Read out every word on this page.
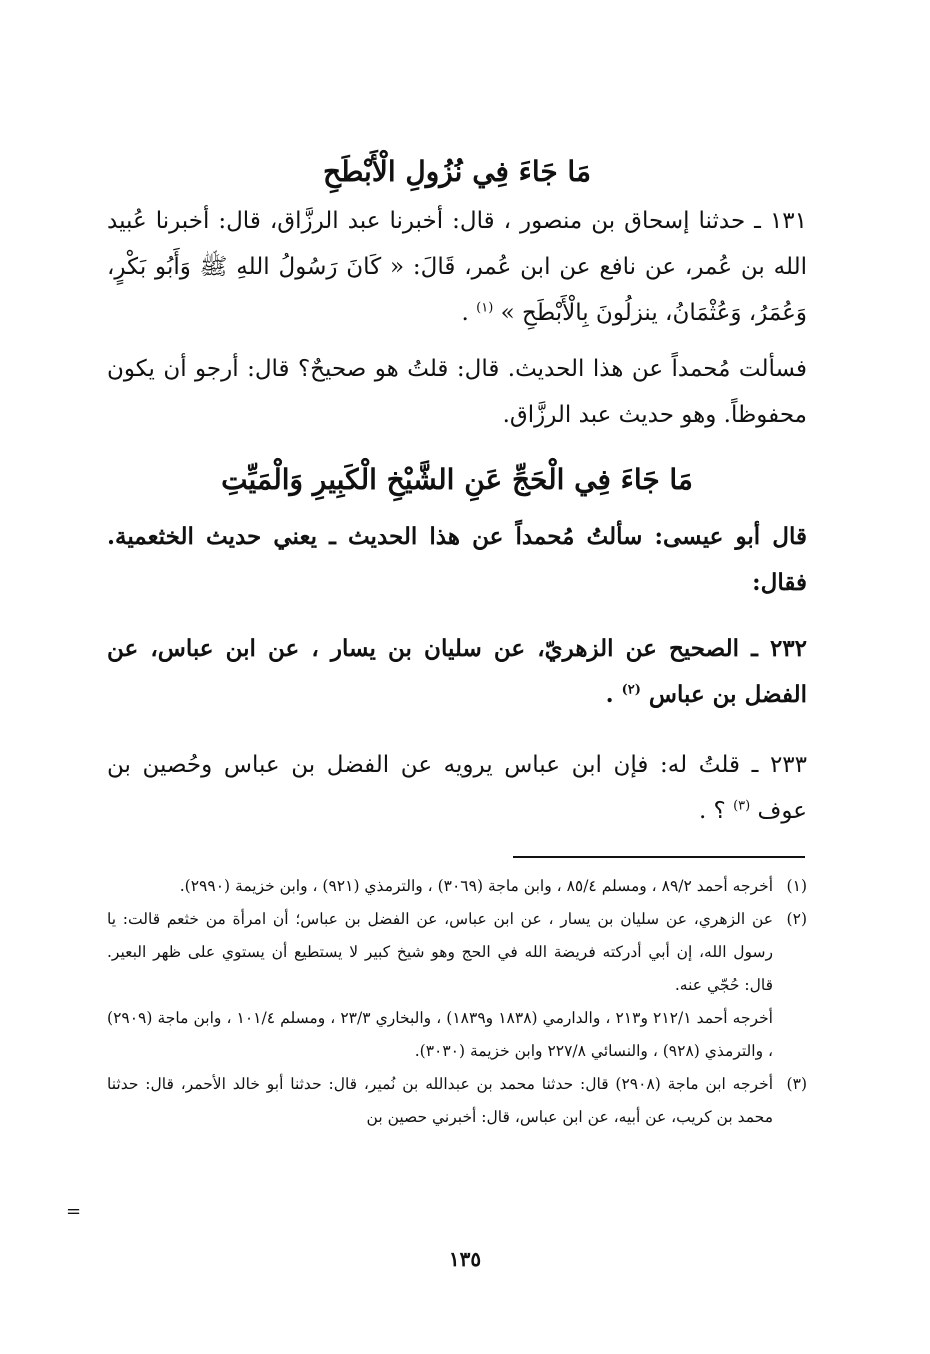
مَا جَاءَ فِي نُزُولِ الْأَبْطَحِ

١٣١ ـ حدثنا إسحاق بن منصور ، قال: أخبرنا عبد الرزَّاق، قال: أخبرنا عُبيد الله بن عُمر، عن نافع عن ابن عُمر، قَالَ: « كَانَ رَسُولُ اللهِ ﷺ وَأَبُو بَكْرٍ، وَعُمَرُ، وَعُثْمَانُ، ينزلُونَ بِالْأَبْطَحِ » $^{(١)}$ .

فسألت مُحمداً عن هذا الحديث. قال: قلتُ هو صحيحٌ؟ قال: أرجو أن يكون محفوظاً. وهو حديث عبد الرزَّاق.

مَا جَاءَ فِي الْحَجِّ عَنِ الشَّيْخِ الْكَبِيرِ وَالْمَيِّتِ

قال أبو عيسى: سألتُ مُحمداً عن هذا الحديث ـ يعني حديث الخثعمية. فقال:

٢٣٢ ـ الصحيح عن الزهريّ، عن سليان بن يسار ، عن ابن عباس، عن الفضل بن عباس $^{(٢)}$ .

٢٣٣ ـ قلتُ له: فإن ابن عباس يرويه عن الفضل بن عباس وحُصين بن عوف $^{(٣)}$ ؟ .

(١)

أخرجه أحمد ٨٩/٢ ، ومسلم ٨٥/٤ ، وابن ماجة (٣٠٦٩) ، والترمذي (٩٢١) ، وابن خزيمة (٢٩٩٠).

(٢)

عن الزهري، عن سليان بن يسار ، عن ابن عباس، عن الفضل بن عباس؛ أن امرأة من خثعم قالت: يا رسول الله، إن أبي أدركته فريضة الله في الحج وهو شيخ كبير لا يستطيع أن يستوي على ظهر البعير. قال: حُجّي عنه.

أخرجه أحمد ٢١٢/١ و٢١٣ ، والدارمي (١٨٣٨ و١٨٣٩) ، والبخاري ٢٣/٣ ، ومسلم ١٠١/٤ ، وابن ماجة (٢٩٠٩) ، والترمذي (٩٢٨) ، والنسائي ٢٢٧/٨ وابن خزيمة (٣٠٣٠).

(٣)

أخرجه ابن ماجة (٢٩٠٨) قال: حدثنا محمد بن عبدالله بن نُمير، قال: حدثنا أبو خالد الأحمر، قال: حدثنا محمد بن كريب، عن أبيه، عن ابن عباس، قال: أخبرني حصين بن

=
١٣٥
